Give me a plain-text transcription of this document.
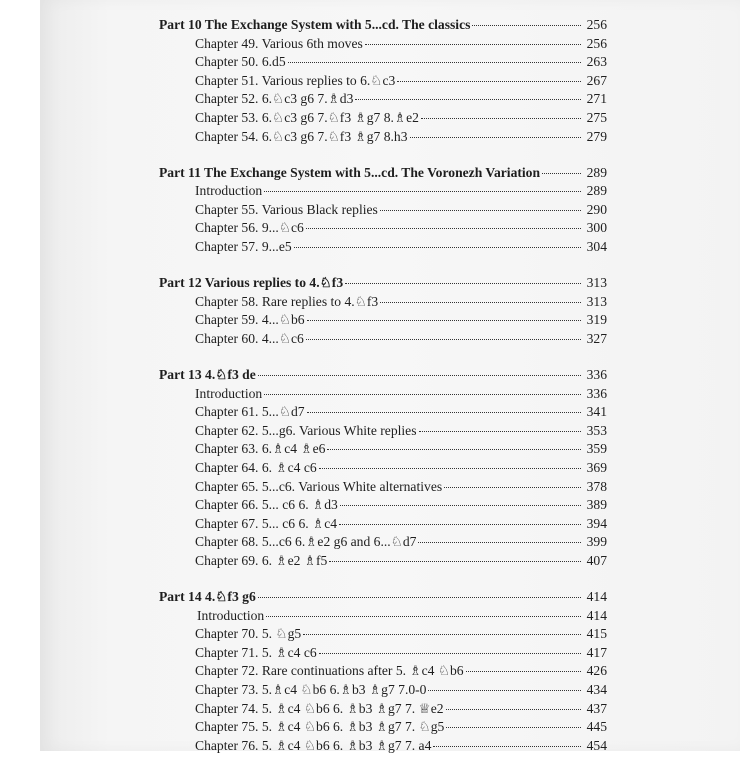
Part 10 The Exchange System with 5...cd. The classics	256
Chapter 49. Various 6th moves	256
Chapter 50. 6.d5	263
Chapter 51. Various replies to 6.♘c3	267
Chapter 52. 6.♘c3 g6 7.♗d3	271
Chapter 53. 6.♘c3 g6 7.♘f3 ♗g7 8.♗e2	275
Chapter 54. 6.♘c3 g6 7.♘f3 ♗g7 8.h3	279
Part 11 The Exchange System with 5...cd. The Voronezh Variation	289
Introduction	289
Chapter 55. Various Black replies	290
Chapter 56. 9...♘c6	300
Chapter 57. 9...e5	304
Part 12 Various replies to 4.♘f3	313
Chapter 58. Rare replies to 4.♘f3	313
Chapter 59. 4...♘b6	319
Chapter 60. 4...♘c6	327
Part 13 4.♘f3 de	336
Introduction	336
Chapter 61. 5...♘d7	341
Chapter 62. 5...g6. Various White replies	353
Chapter 63. 6.♗c4 ♗e6	359
Chapter 64. 6. ♗c4 c6	369
Chapter 65. 5...c6. Various White alternatives	378
Chapter 66. 5... c6 6. ♗d3	389
Chapter 67. 5... c6 6. ♗c4	394
Chapter 68. 5...c6 6.♗e2 g6 and 6...♘d7	399
Chapter 69. 6. ♗e2 ♗f5	407
Part 14 4.♘f3 g6	414
Introduction	414
Chapter 70. 5. ♘g5	415
Chapter 71. 5. ♗c4 c6	417
Chapter 72. Rare continuations after 5. ♗c4 ♘b6	426
Chapter 73. 5.♗c4 ♘b6 6.♗b3 ♗g7 7.0-0	434
Chapter 74. 5. ♗c4 ♘b6 6. ♗b3 ♗g7 7. ♕e2	437
Chapter 75. 5. ♗c4 ♘b6 6. ♗b3 ♗g7 7. ♘g5	445
Chapter 76. 5. ♗c4 ♘b6 6. ♗b3 ♗g7 7. a4	454
